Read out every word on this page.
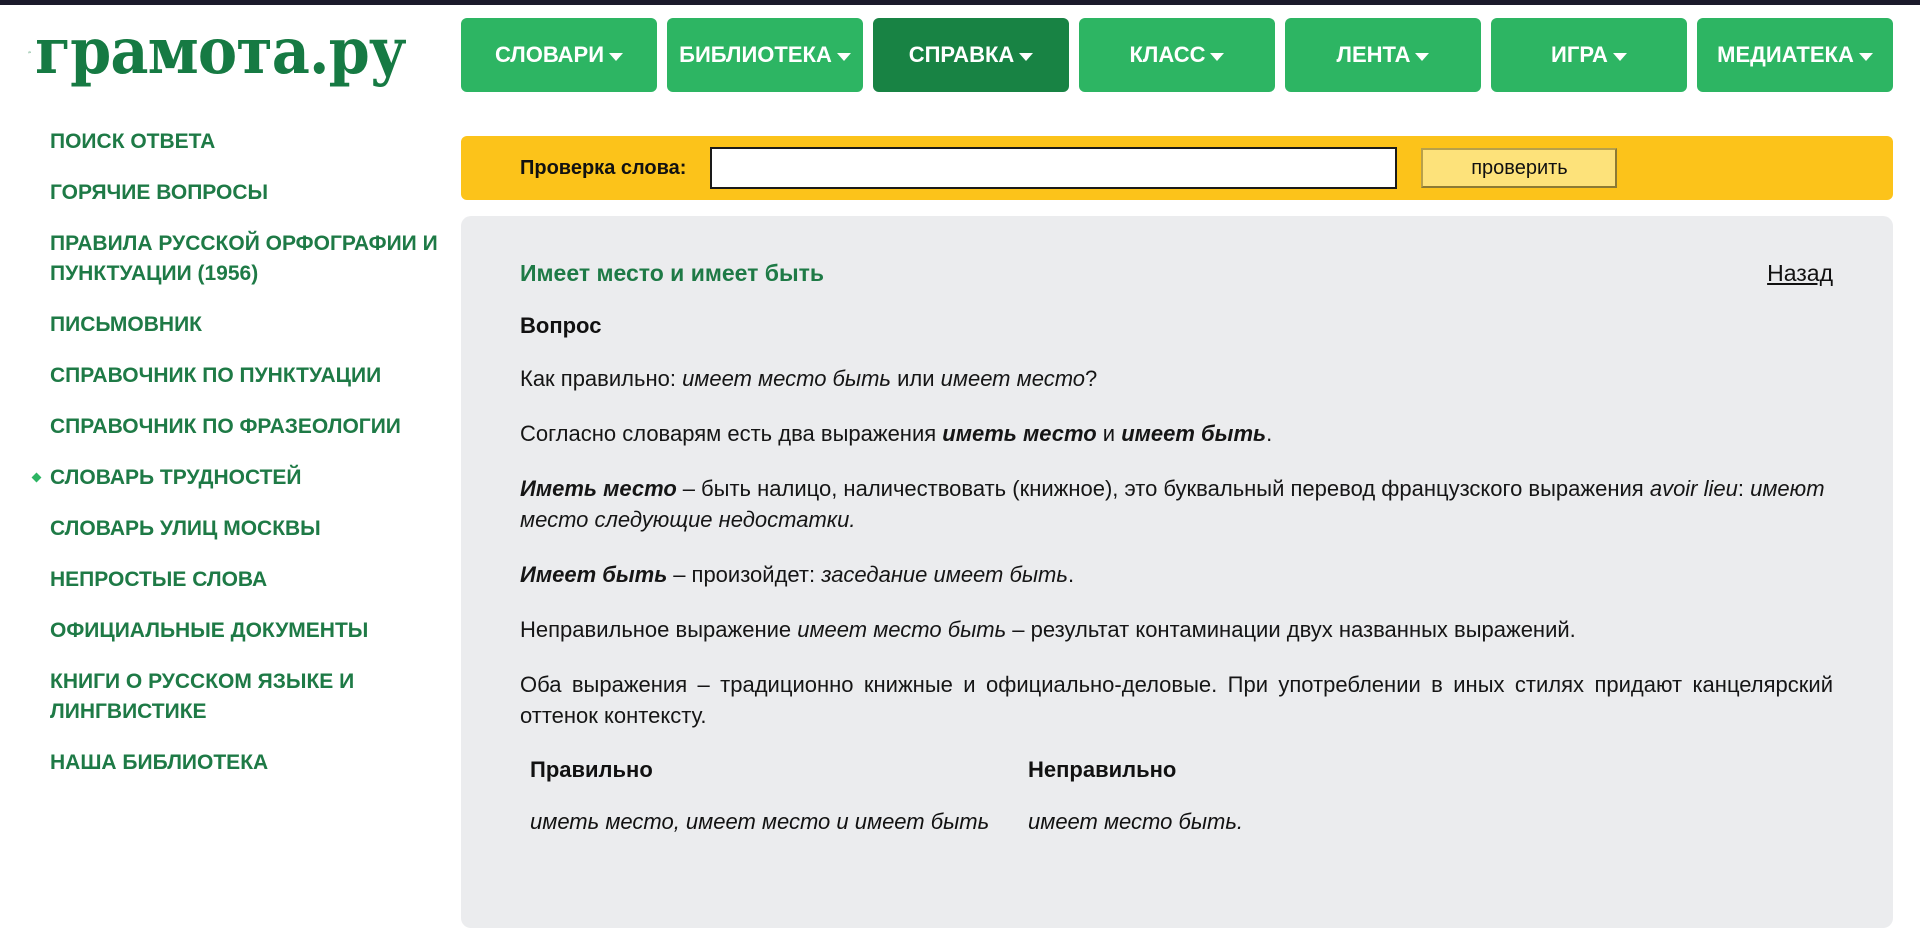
грамота.ру	СЛОВАРИ	БИБЛИОТЕКА	СПРАВКА	КЛАСС	ЛЕНТА	ИГРА	МЕДИАТЕКА
ПОИСК ОТВЕТА
ГОРЯЧИЕ ВОПРОСЫ
ПРАВИЛА РУССКОЙ ОРФОГРАФИИ И ПУНКТУАЦИИ (1956)
ПИСЬМОВНИК
СПРАВОЧНИК ПО ПУНКТУАЦИИ
СПРАВОЧНИК ПО ФРАЗЕОЛОГИИ
СЛОВАРЬ ТРУДНОСТЕЙ
СЛОВАРЬ УЛИЦ МОСКВЫ
НЕПРОСТЫЕ СЛОВА
ОФИЦИАЛЬНЫЕ ДОКУМЕНТЫ
КНИГИ О РУССКОМ ЯЗЫКЕ И ЛИНГВИСТИКЕ
НАША БИБЛИОТЕКА
Проверка слова:	проверить
Имеет место и имеет быть	Назад
Вопрос

Как правильно: имеет место быть или имеет место?

Согласно словарям есть два выражения иметь место и имеет быть.

Иметь место – быть налицо, наличествовать (книжное), это буквальный перевод французского выражения avoir lieu: имеют место следующие недостатки.

Имеет быть – произойдет: заседание имеет быть.

Неправильное выражение имеет место быть – результат контаминации двух названных выражений.

Оба выражения – традиционно книжные и официально-деловые. При употреблении в иных стилях придают канцелярский оттенок контексту.

Правильно	Неправильно
иметь место, имеет место и имеет быть	имеет место быть.
